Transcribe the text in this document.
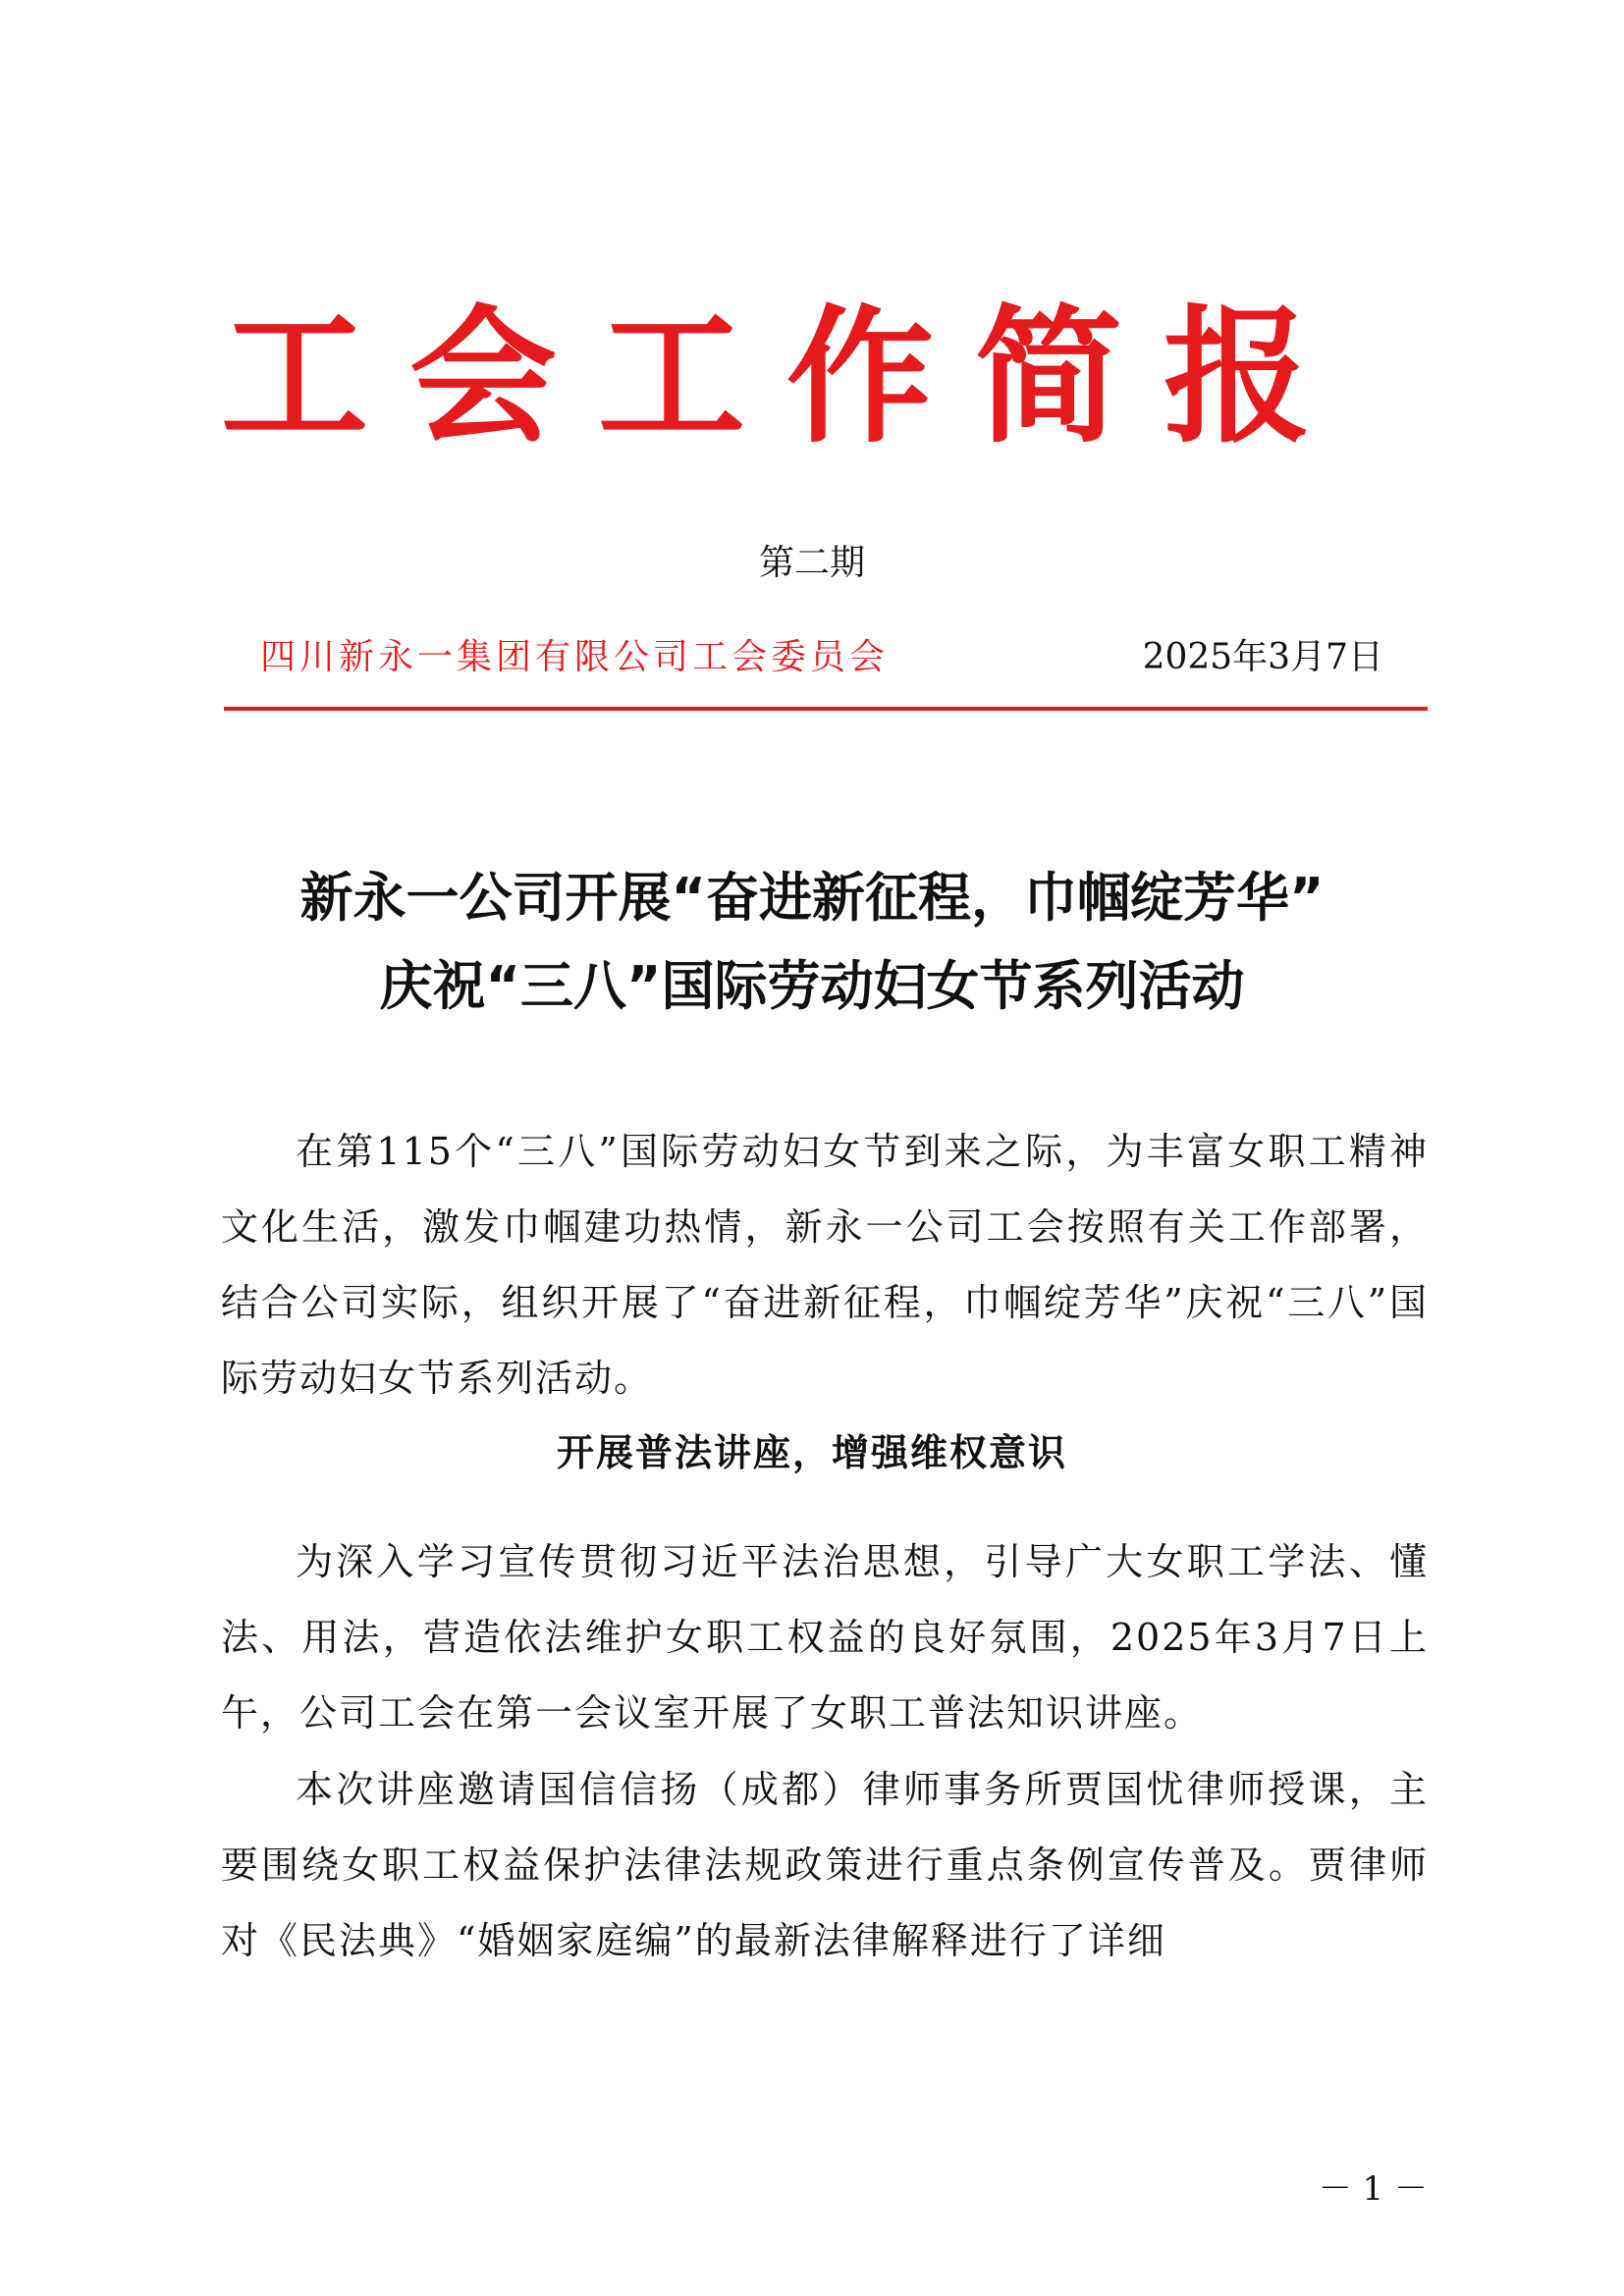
工会工作简报
第二期
四川新永一集团有限公司工会委员会	2025年3月7日
新永一公司开展“奋进新征程，巾帼绽芳华”
庆祝“三八”国际劳动妇女节系列活动
在第115个“三八”国际劳动妇女节到来之际，为丰富女职工精神文化生活，激发巾帼建功热情，新永一公司工会按照有关工作部署，结合公司实际，组织开展了“奋进新征程，巾帼绽芳华”庆祝“三八”国际劳动妇女节系列活动。
开展普法讲座，增强维权意识
为深入学习宣传贯彻习近平法治思想，引导广大女职工学法、懂法、用法，营造依法维护女职工权益的良好氛围，2025年3月7日上午，公司工会在第一会议室开展了女职工普法知识讲座。
本次讲座邀请国信信扬（成都）律师事务所贾国忧律师授课，主要围绕女职工权益保护法律法规政策进行重点条例宣传普及。贾律师对《民法典》“婚姻家庭编”的最新法律解释进行了详细
－ 1 －
